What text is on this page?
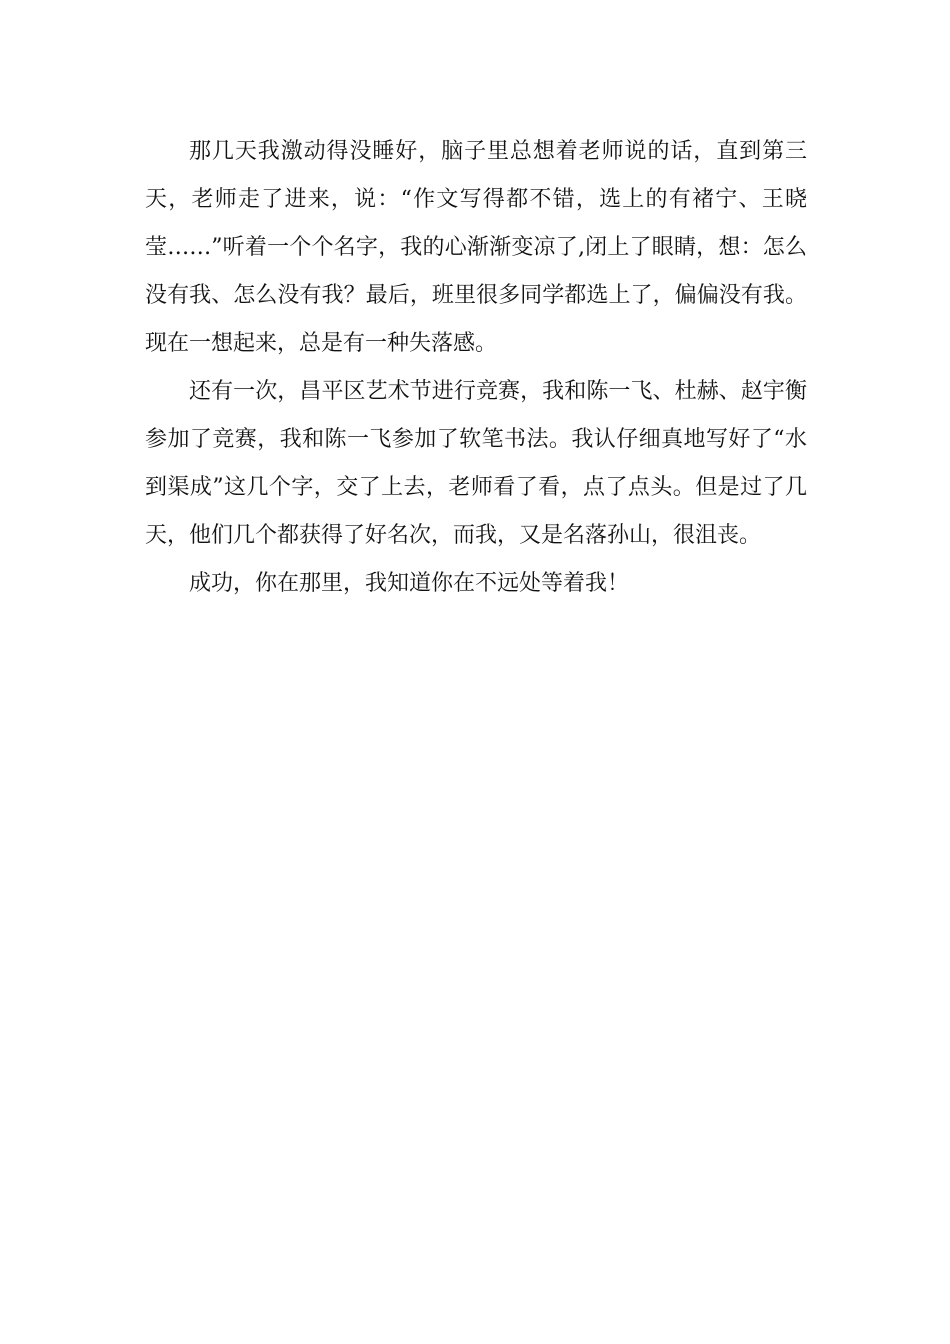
那几天我激动得没睡好，脑子里总想着老师说的话，直到第三天，老师走了进来，说：“作文写得都不错，选上的有褚宁、王晓莹……”听着一个个名字，我的心渐渐变凉了,闭上了眼睛，想：怎么没有我、怎么没有我？最后，班里很多同学都选上了，偏偏没有我。现在一想起来，总是有一种失落感。

还有一次，昌平区艺术节进行竞赛，我和陈一飞、杜赫、赵宇衡参加了竞赛，我和陈一飞参加了软笔书法。我认仔细真地写好了“水到渠成”这几个字，交了上去，老师看了看，点了点头。但是过了几天，他们几个都获得了好名次，而我，又是名落孙山，很沮丧。

成功，你在那里，我知道你在不远处等着我！
